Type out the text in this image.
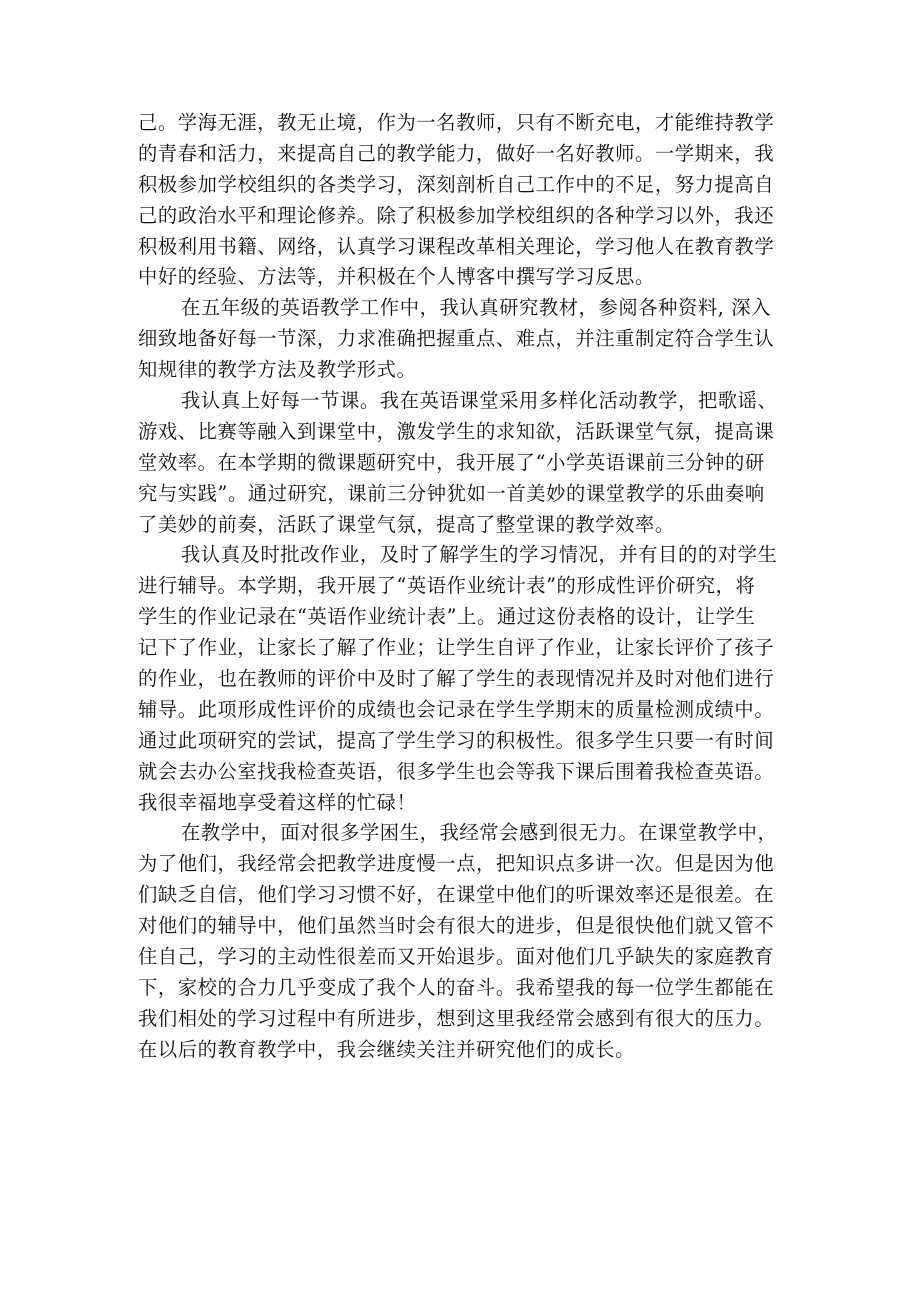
己。学海无涯，教无止境，作为一名教师，只有不断充电，才能维持教学
的青春和活力，来提高自己的教学能力，做好一名好教师。一学期来，我
积极参加学校组织的各类学习，深刻剖析自己工作中的不足，努力提高自
己的政治水平和理论修养。除了积极参加学校组织的各种学习以外，我还
积极利用书籍、网络，认真学习课程改革相关理论，学习他人在教育教学
中好的经验、方法等，并积极在个人博客中撰写学习反思。
在五年级的英语教学工作中，我认真研究教材，参阅各种资料, 深入
细致地备好每一节深，力求准确把握重点、难点，并注重制定符合学生认
知规律的教学方法及教学形式。
我认真上好每一节课。我在英语课堂采用多样化活动教学，把歌谣、
游戏、比赛等融入到课堂中，激发学生的求知欲，活跃课堂气氛，提高课
堂效率。在本学期的微课题研究中，我开展了“小学英语课前三分钟的研
究与实践”。通过研究，课前三分钟犹如一首美妙的课堂教学的乐曲奏响
了美妙的前奏，活跃了课堂气氛，提高了整堂课的教学效率。
我认真及时批改作业，及时了解学生的学习情况，并有目的的对学生
进行辅导。本学期，我开展了“英语作业统计表”的形成性评价研究，将
学生的作业记录在“英语作业统计表”上。通过这份表格的设计，让学生
记下了作业，让家长了解了作业；让学生自评了作业，让家长评价了孩子
的作业，也在教师的评价中及时了解了学生的表现情况并及时对他们进行
辅导。此项形成性评价的成绩也会记录在学生学期末的质量检测成绩中。
通过此项研究的尝试，提高了学生学习的积极性。很多学生只要一有时间
就会去办公室找我检查英语，很多学生也会等我下课后围着我检查英语。
我很幸福地享受着这样的忙碌！
在教学中，面对很多学困生，我经常会感到很无力。在课堂教学中，
为了他们，我经常会把教学进度慢一点，把知识点多讲一次。但是因为他
们缺乏自信，他们学习习惯不好，在课堂中他们的听课效率还是很差。在
对他们的辅导中，他们虽然当时会有很大的进步，但是很快他们就又管不
住自己，学习的主动性很差而又开始退步。面对他们几乎缺失的家庭教育
下，家校的合力几乎变成了我个人的奋斗。我希望我的每一位学生都能在
我们相处的学习过程中有所进步，想到这里我经常会感到有很大的压力。
在以后的教育教学中，我会继续关注并研究他们的成长。
